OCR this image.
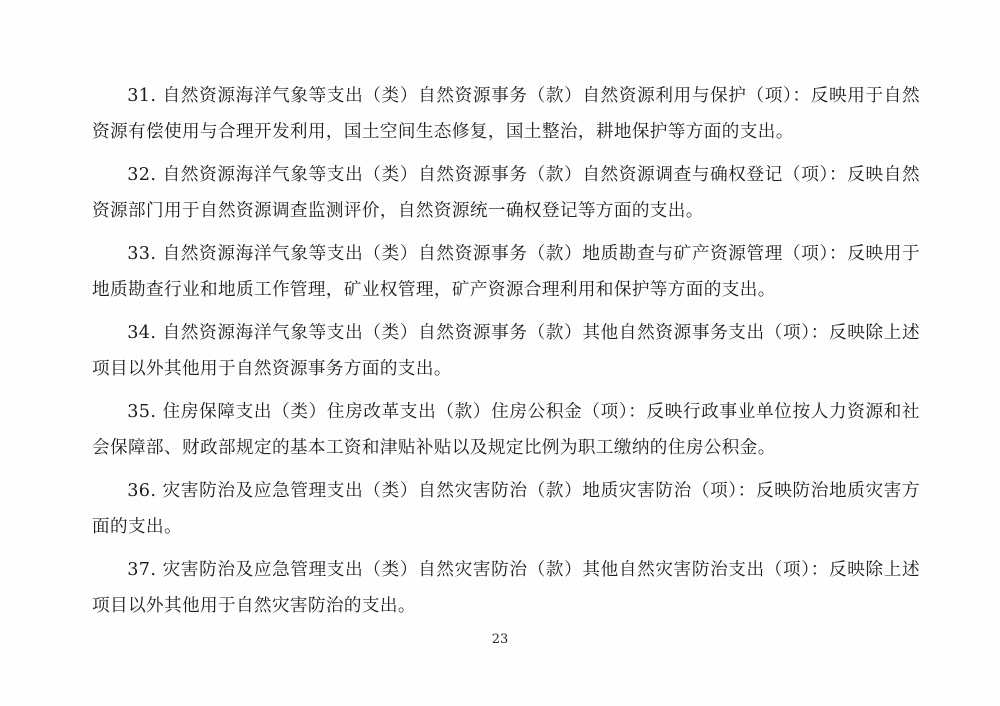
31. 自然资源海洋气象等支出（类）自然资源事务（款）自然资源利用与保护（项）：反映用于自然资源有偿使用与合理开发利用，国土空间生态修复，国土整治，耕地保护等方面的支出。

32. 自然资源海洋气象等支出（类）自然资源事务（款）自然资源调查与确权登记（项）：反映自然资源部门用于自然资源调查监测评价，自然资源统一确权登记等方面的支出。

33. 自然资源海洋气象等支出（类）自然资源事务（款）地质勘查与矿产资源管理（项）：反映用于地质勘查行业和地质工作管理，矿业权管理，矿产资源合理利用和保护等方面的支出。

34. 自然资源海洋气象等支出（类）自然资源事务（款）其他自然资源事务支出（项）：反映除上述项目以外其他用于自然资源事务方面的支出。

35. 住房保障支出（类）住房改革支出（款）住房公积金（项）：反映行政事业单位按人力资源和社会保障部、财政部规定的基本工资和津贴补贴以及规定比例为职工缴纳的住房公积金。

36. 灾害防治及应急管理支出（类）自然灾害防治（款）地质灾害防治（项）：反映防治地质灾害方面的支出。

37. 灾害防治及应急管理支出（类）自然灾害防治（款）其他自然灾害防治支出（项）：反映除上述项目以外其他用于自然灾害防治的支出。

23
